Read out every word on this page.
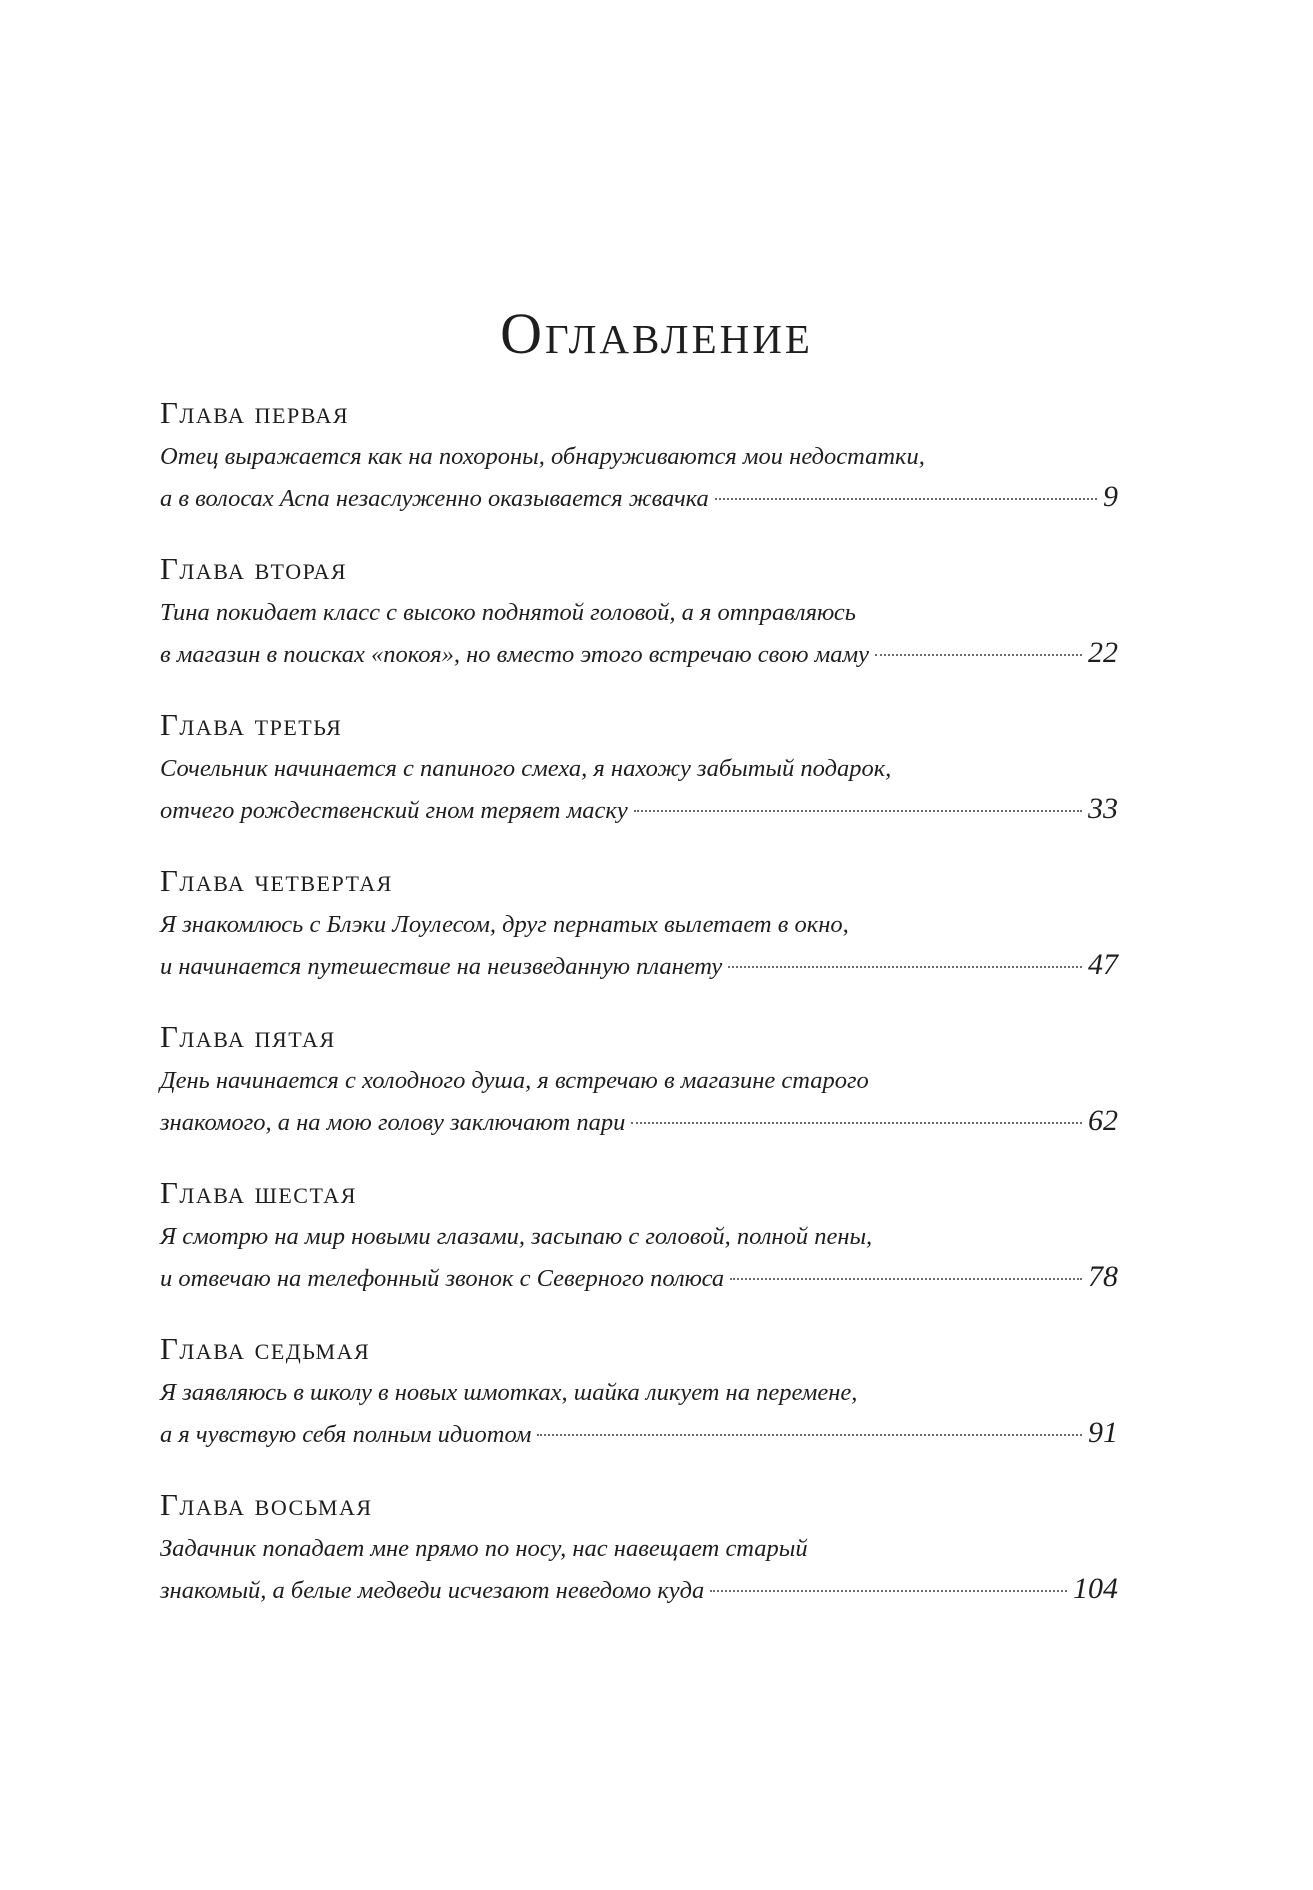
Оглавление
Глава первая
Отец выражается как на похороны, обнаруживаются мои недостатки,
а в волосах Аспа незаслуженно оказывается жвачка	9
Глава вторая
Тина покидает класс с высоко поднятой головой, а я отправляюсь
в магазин в поисках «покоя», но вместо этого встречаю свою маму	22
Глава третья
Сочельник начинается с папиного смеха, я нахожу забытый подарок,
отчего рождественский гном теряет маску	33
Глава четвертая
Я знакомлюсь с Блэки Лоулесом, друг пернатых вылетает в окно,
и начинается путешествие на неизведанную планету	47
Глава пятая
День начинается с холодного душа, я встречаю в магазине старого
знакомого, а на мою голову заключают пари	62
Глава шестая
Я смотрю на мир новыми глазами, засыпаю с головой, полной пены,
и отвечаю на телефонный звонок с Северного полюса	78
Глава седьмая
Я заявляюсь в школу в новых шмотках, шайка ликует на перемене,
а я чувствую себя полным идиотом	91
Глава восьмая
Задачник попадает мне прямо по носу, нас навещает старый
знакомый, а белые медведи исчезают неведомо куда	104
